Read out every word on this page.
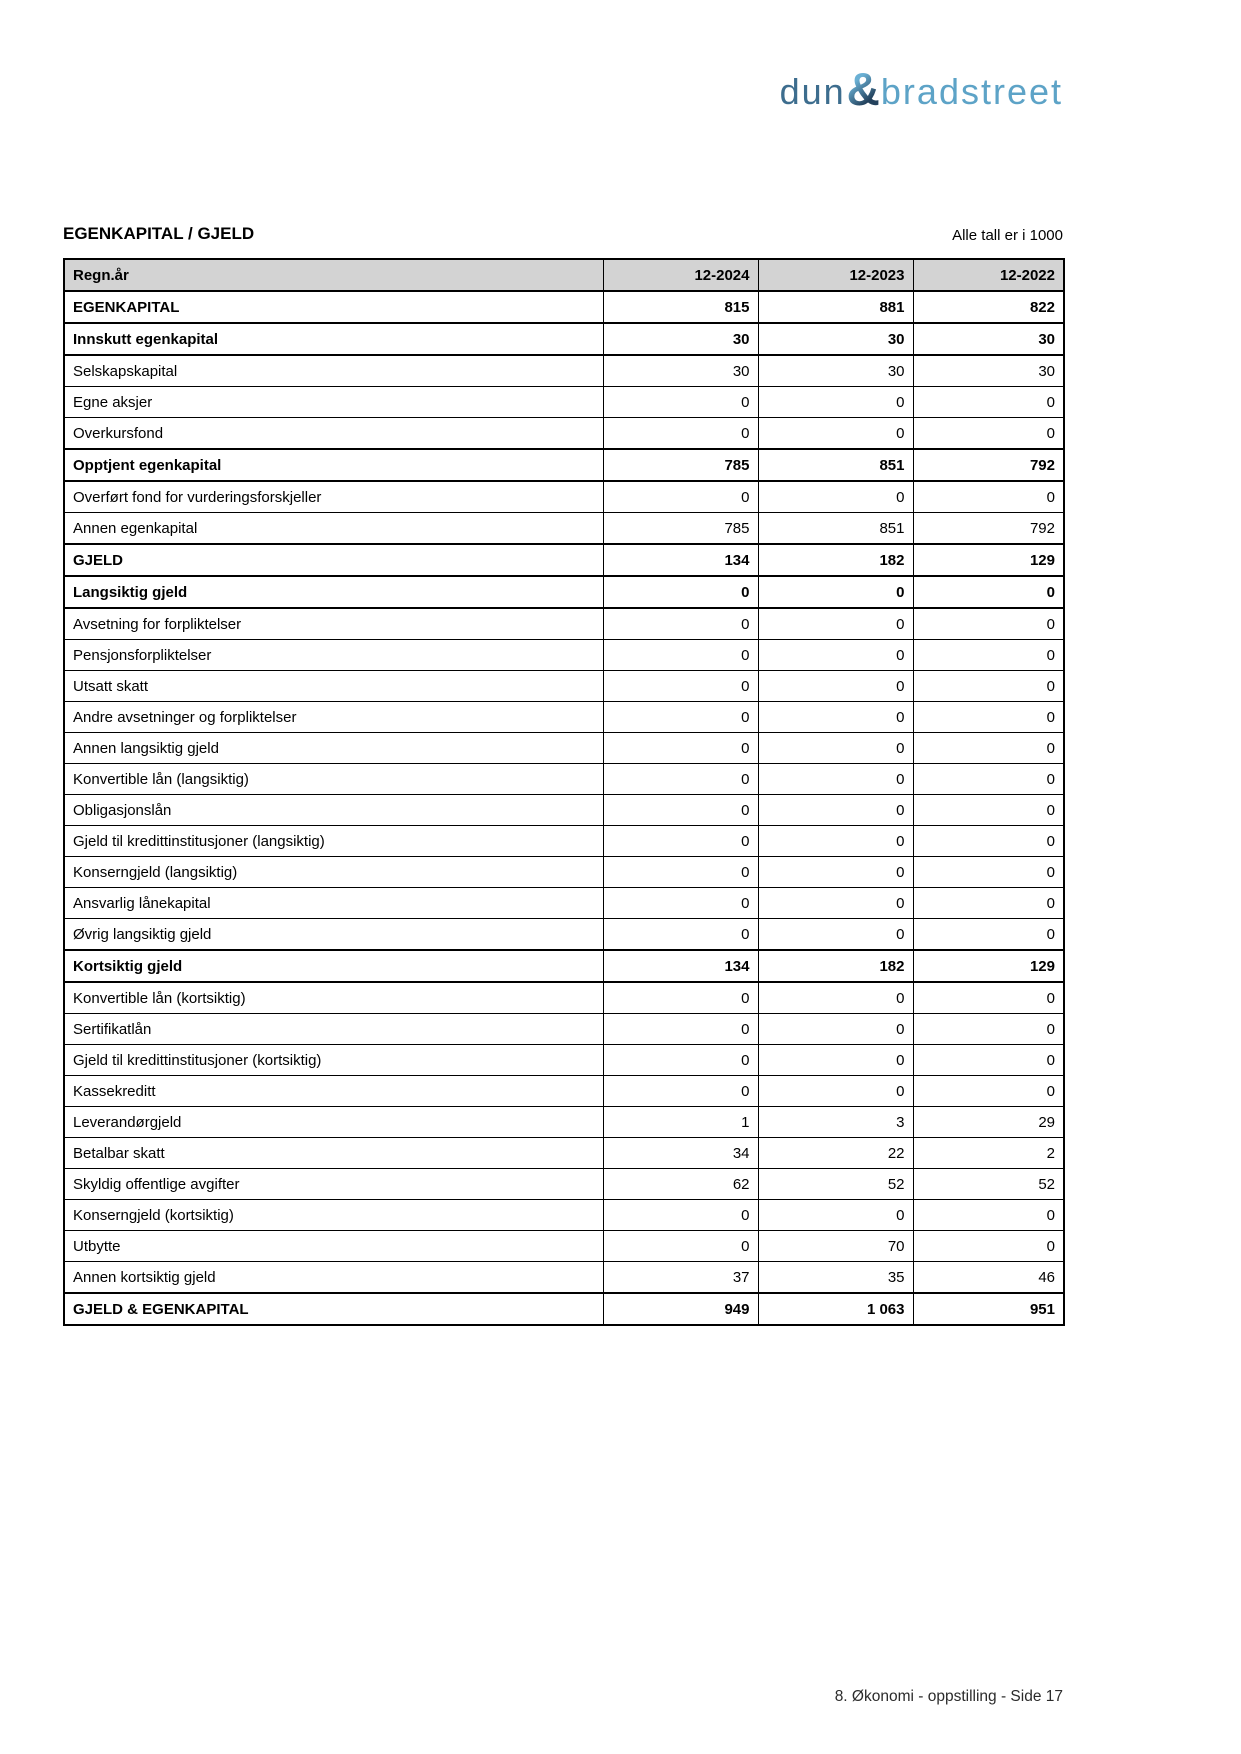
dun & bradstreet
EGENKAPITAL / GJELD	Alle tall er i 1000
Regn.år	12-2024	12-2023	12-2022
EGENKAPITAL	815	881	822
Innskutt egenkapital	30	30	30
Selskapskapital	30	30	30
Egne aksjer	0	0	0
Overkursfond	0	0	0
Opptjent egenkapital	785	851	792
Overført fond for vurderingsforskjeller	0	0	0
Annen egenkapital	785	851	792
GJELD	134	182	129
Langsiktig gjeld	0	0	0
Avsetning for forpliktelser	0	0	0
Pensjonsforpliktelser	0	0	0
Utsatt skatt	0	0	0
Andre avsetninger og forpliktelser	0	0	0
Annen langsiktig gjeld	0	0	0
Konvertible lån (langsiktig)	0	0	0
Obligasjonslån	0	0	0
Gjeld til kredittinstitusjoner (langsiktig)	0	0	0
Konserngjeld (langsiktig)	0	0	0
Ansvarlig lånekapital	0	0	0
Øvrig langsiktig gjeld	0	0	0
Kortsiktig gjeld	134	182	129
Konvertible lån (kortsiktig)	0	0	0
Sertifikatlån	0	0	0
Gjeld til kredittinstitusjoner (kortsiktig)	0	0	0
Kassekreditt	0	0	0
Leverandørgjeld	1	3	29
Betalbar skatt	34	22	2
Skyldig offentlige avgifter	62	52	52
Konserngjeld (kortsiktig)	0	0	0
Utbytte	0	70	0
Annen kortsiktig gjeld	37	35	46
GJELD & EGENKAPITAL	949	1 063	951
8. Økonomi - oppstilling - Side 17
